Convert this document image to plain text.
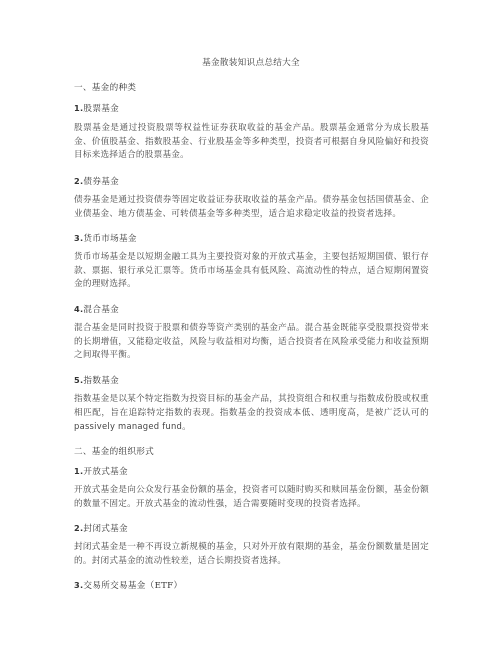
基金散装知识点总结大全
一、基金的种类
1.股票基金
股票基金是通过投资股票等权益性证券获取收益的基金产品。股票基金通常分为成长股基金、价值股基金、指数股基金、行业股基金等多种类型，投资者可根据自身风险偏好和投资目标来选择适合的股票基金。
2.债券基金
债券基金是通过投资债券等固定收益证券获取收益的基金产品。债券基金包括国债基金、企业债基金、地方债基金、可转债基金等多种类型，适合追求稳定收益的投资者选择。
3.货币市场基金
货币市场基金是以短期金融工具为主要投资对象的开放式基金，主要包括短期国债、银行存款、票据、银行承兑汇票等。货币市场基金具有低风险、高流动性的特点，适合短期闲置资金的理财选择。
4.混合基金
混合基金是同时投资于股票和债券等资产类别的基金产品。混合基金既能享受股票投资带来的长期增值，又能稳定收益，风险与收益相对均衡，适合投资者在风险承受能力和收益预期之间取得平衡。
5.指数基金
指数基金是以某个特定指数为投资目标的基金产品，其投资组合和权重与指数成份股或权重相匹配，旨在追踪特定指数的表现。指数基金的投资成本低、透明度高，是被广泛认可的passively managed fund。
二、基金的组织形式
1.开放式基金
开放式基金是向公众发行基金份额的基金，投资者可以随时购买和赎回基金份额，基金份额的数量不固定。开放式基金的流动性强，适合需要随时变现的投资者选择。
2.封闭式基金
封闭式基金是一种不再设立新规模的基金，只对外开放有限期的基金，基金份额数量是固定的。封闭式基金的流动性较差，适合长期投资者选择。
3.交易所交易基金（ETF）
